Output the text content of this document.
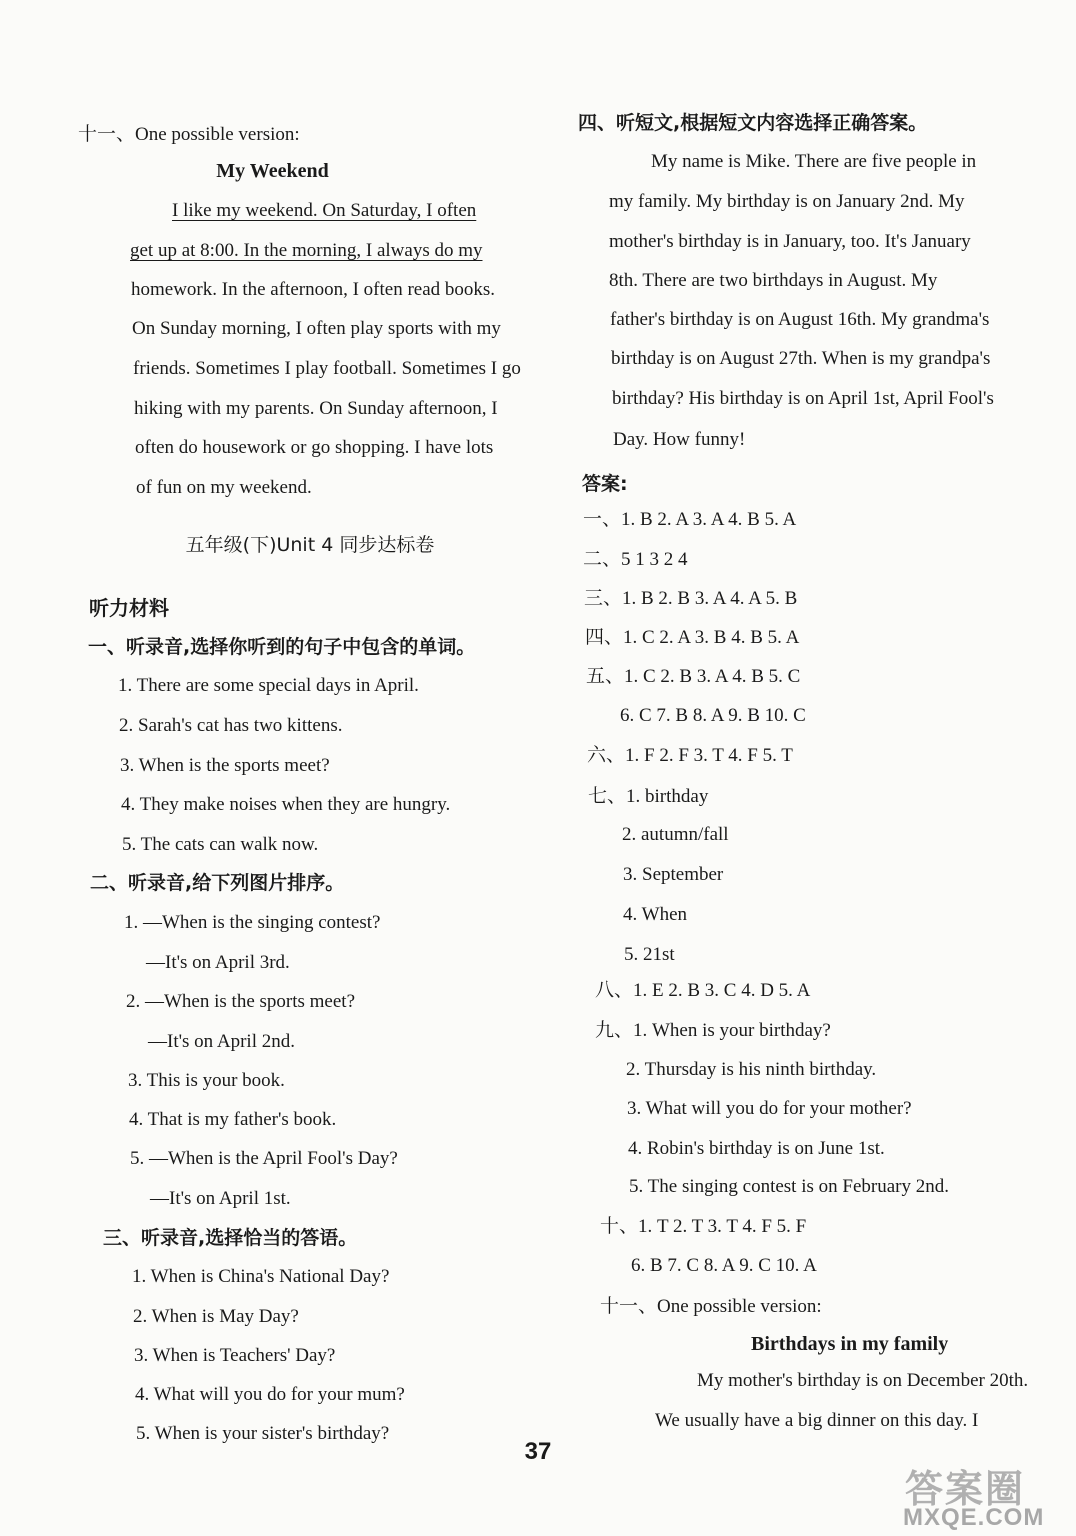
十一、One possible version:
My Weekend
I like my weekend. On Saturday, I often
get up at 8:00. In the morning, I always do my
homework. In the afternoon, I often read books.
On Sunday morning, I often play sports with my
friends. Sometimes I play football. Sometimes I go
hiking with my parents. On Sunday afternoon, I
often do housework or go shopping. I have lots
of fun on my weekend.
五年级(下)Unit 4 同步达标卷
听力材料
一、听录音,选择你听到的句子中包含的单词。
1. There are some special days in April.
2. Sarah's cat has two kittens.
3. When is the sports meet?
4. They make noises when they are hungry.
5. The cats can walk now.
二、听录音,给下列图片排序。
1. —When is the singing contest?
—It's on April 3rd.
2. —When is the sports meet?
—It's on April 2nd.
3. This is your book.
4. That is my father's book.
5. —When is the April Fool's Day?
—It's on April 1st.
三、听录音,选择恰当的答语。
1. When is China's National Day?
2. When is May Day?
3. When is Teachers' Day?
4. What will you do for your mum?
5. When is your sister's birthday?
四、听短文,根据短文内容选择正确答案。
My name is Mike. There are five people in
my family. My birthday is on January 2nd. My
mother's birthday is in January, too. It's January
8th. There are two birthdays in August. My
father's birthday is on August 16th. My grandma's
birthday is on August 27th. When is my grandpa's
birthday? His birthday is on April 1st, April Fool's
Day. How funny!
答案:
一、1. B 2. A 3. A 4. B 5. A
二、5 1 3 2 4
三、1. B 2. B 3. A 4. A 5. B
四、1. C 2. A 3. B 4. B 5. A
五、1. C 2. B 3. A 4. B 5. C
6. C 7. B 8. A 9. B 10. C
六、1. F 2. F 3. T 4. F 5. T
七、1. birthday
2. autumn/fall
3. September
4. When
5. 21st
八、1. E 2. B 3. C 4. D 5. A
九、1. When is your birthday?
2. Thursday is his ninth birthday.
3. What will you do for your mother?
4. Robin's birthday is on June 1st.
5. The singing contest is on February 2nd.
十、1. T 2. T 3. T 4. F 5. F
6. B 7. C 8. A 9. C 10. A
十一、One possible version:
Birthdays in my family
My mother's birthday is on December 20th.
We usually have a big dinner on this day. I
37
答案圈
MXQE.COM
